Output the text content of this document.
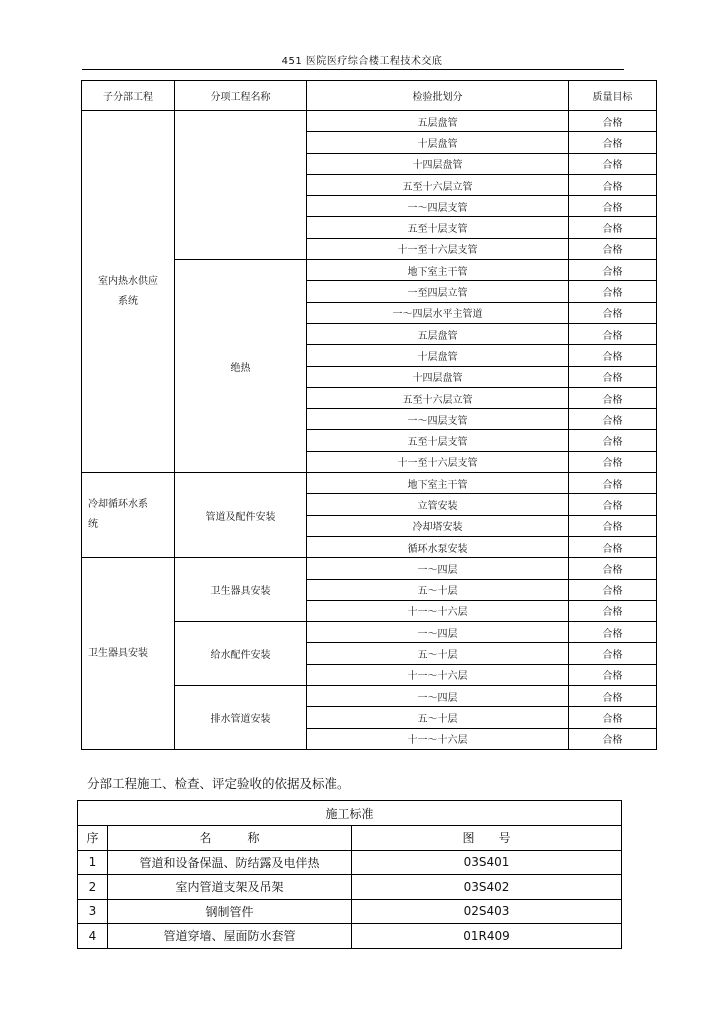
451 医院医疗综合楼工程技术交底
子分部工程	分项工程名称	检验批划分	质量目标
室内热水供应
系统		五层盘管	合格
		十层盘管	合格
		十四层盘管	合格
		五至十六层立管	合格
		一～四层支管	合格
		五至十层支管	合格
		十一至十六层支管	合格
	绝热	地下室主干管	合格
		一至四层立管	合格
		一～四层水平主管道	合格
		五层盘管	合格
		十层盘管	合格
		十四层盘管	合格
		五至十六层立管	合格
		一～四层支管	合格
		五至十层支管	合格
		十一至十六层支管	合格
冷却循环水系
统	管道及配件安装	地下室主干管	合格
		立管安装	合格
		冷却塔安装	合格
		循环水泵安装	合格
卫生器具安装	卫生器具安装	一～四层	合格
		五～十层	合格
		十一～十六层	合格
	给水配件安装	一～四层	合格
		五～十层	合格
		十一～十六层	合格
	排水管道安装	一～四层	合格
		五～十层	合格
		十一～十六层	合格
分部工程施工、检查、评定验收的依据及标准。
施工标准		
序	名　　　称	图　　号
1	管道和设备保温、防结露及电伴热	03S401
2	室内管道支架及吊架	03S402
3	钢制管件	02S403
4	管道穿墙、屋面防水套管	01R409
